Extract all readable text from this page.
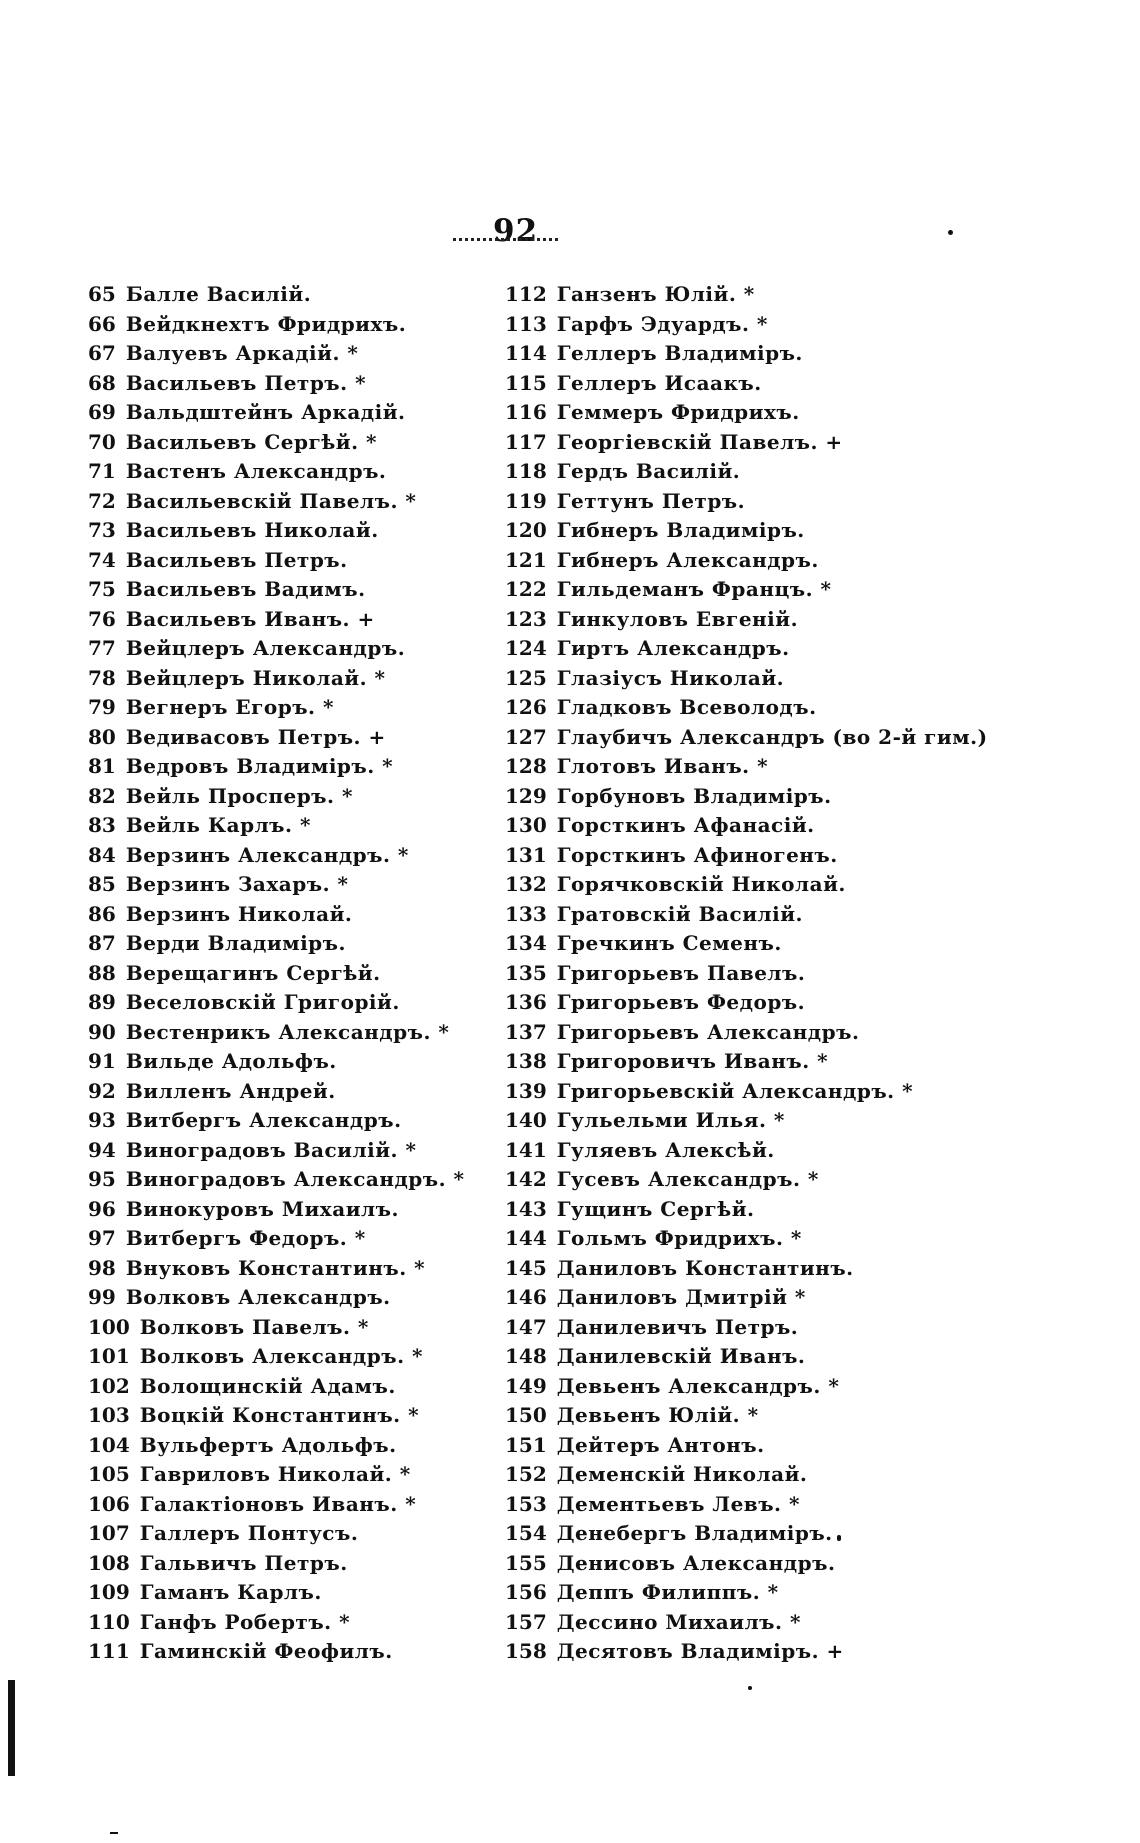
92
65 Балле Василій.
66 Вейдкнехтъ Фридрихъ.
67 Валуевъ Аркадій. *
68 Васильевъ Петръ. *
69 Вальдштейнъ Аркадій.
70 Васильевъ Сергѣй. *
71 Вастенъ Александръ.
72 Васильевскій Павелъ. *
73 Васильевъ Николай.
74 Васильевъ Петръ.
75 Васильевъ Вадимъ.
76 Васильевъ Иванъ. +
77 Вейцлеръ Александръ.
78 Вейцлеръ Николай. *
79 Вегнеръ Егоръ. *
80 Ведивасовъ Петръ. +
81 Ведровъ Владиміръ. *
82 Вейль Просперъ. *
83 Вейль Карлъ. *
84 Верзинъ Александръ. *
85 Верзинъ Захаръ. *
86 Верзинъ Николай.
87 Верди Владиміръ.
88 Верещагинъ Сергѣй.
89 Веселовскій Григорій.
90 Вестенрикъ Александръ. *
91 Вильде Адольфъ.
92 Вилленъ Андрей.
93 Витбергъ Александръ.
94 Виноградовъ Василій. *
95 Виноградовъ Александръ. *
96 Винокуровъ Михаилъ.
97 Витбергъ Федоръ. *
98 Внуковъ Константинъ. *
99 Волковъ Александръ.
100 Волковъ Павелъ. *
101 Волковъ Александръ. *
102 Волощинскій Адамъ.
103 Воцкій Константинъ. *
104 Вульфертъ Адольфъ.
105 Гавриловъ Николай. *
106 Галактіоновъ Иванъ. *
107 Галлеръ Понтусъ.
108 Гальвичъ Петръ.
109 Гаманъ Карлъ.
110 Ганфъ Робертъ. *
111 Гаминскій Феофилъ.
112 Ганзенъ Юлій. *
113 Гарфъ Эдуардъ. *
114 Геллеръ Владиміръ.
115 Геллеръ Исаакъ.
116 Геммеръ Фридрихъ.
117 Георгіевскій Павелъ. +
118 Гердъ Василій.
119 Геттунъ Петръ.
120 Гибнеръ Владиміръ.
121 Гибнеръ Александръ.
122 Гильдеманъ Францъ. *
123 Гинкуловъ Евгеній.
124 Гиртъ Александръ.
125 Глазіусъ Николай.
126 Гладковъ Всеволодъ.
127 Глаубичъ Александръ (во 2-й гим.)
128 Глотовъ Иванъ. *
129 Горбуновъ Владиміръ.
130 Горсткинъ Афанасій.
131 Горсткинъ Афиногенъ.
132 Горячковскій Николай.
133 Гратовскій Василій.
134 Гречкинъ Семенъ.
135 Григорьевъ Павелъ.
136 Григорьевъ Федоръ.
137 Григорьевъ Александръ.
138 Григоровичъ Иванъ. *
139 Григорьевскій Александръ. *
140 Гульельми Илья. *
141 Гуляевъ Алексѣй.
142 Гусевъ Александръ. *
143 Гущинъ Сергѣй.
144 Гольмъ Фридрихъ. *
145 Даниловъ Константинъ.
146 Даниловъ Дмитрій *
147 Данилевичъ Петръ.
148 Данилевскій Иванъ.
149 Девьенъ Александръ. *
150 Девьенъ Юлій. *
151 Дейтеръ Антонъ.
152 Деменскій Николай.
153 Дементьевъ Левъ. *
154 Денебергъ Владиміръ.
155 Денисовъ Александръ.
156 Деппъ Филиппъ. *
157 Дессино Михаилъ. *
158 Десятовъ Владиміръ. +
